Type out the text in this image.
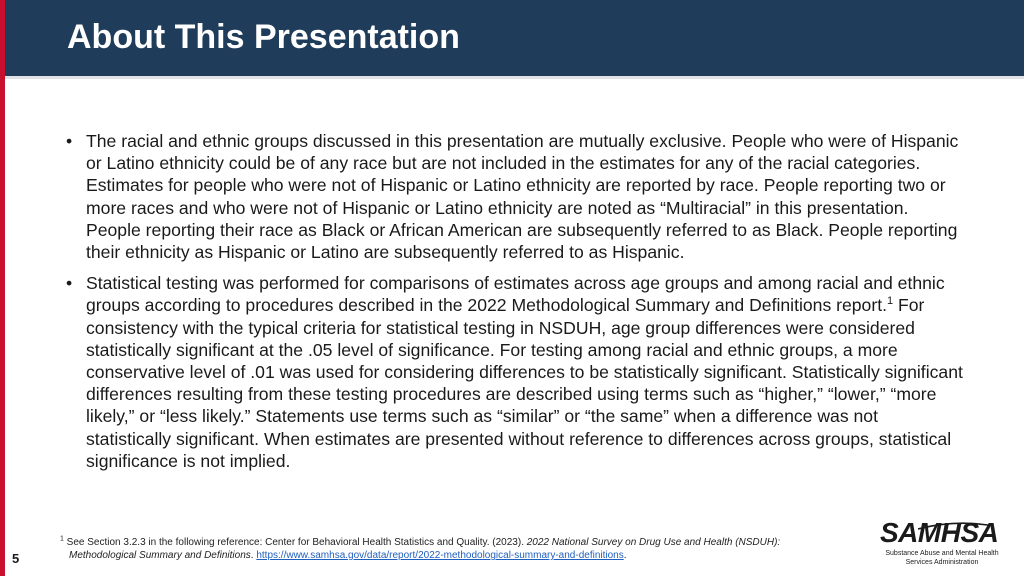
About This Presentation
• The racial and ethnic groups discussed in this presentation are mutually exclusive. People who were of Hispanic or Latino ethnicity could be of any race but are not included in the estimates for any of the racial categories. Estimates for people who were not of Hispanic or Latino ethnicity are reported by race. People reporting two or more races and who were not of Hispanic or Latino ethnicity are noted as “Multiracial” in this presentation. People reporting their race as Black or African American are subsequently referred to as Black. People reporting their ethnicity as Hispanic or Latino are subsequently referred to as Hispanic.
• Statistical testing was performed for comparisons of estimates across age groups and among racial and ethnic groups according to procedures described in the 2022 Methodological Summary and Definitions report.$^1$ For consistency with the typical criteria for statistical testing in NSDUH, age group differences were considered statistically significant at the .05 level of significance. For testing among racial and ethnic groups, a more conservative level of .01 was used for considering differences to be statistically significant. Statistically significant differences resulting from these testing procedures are described using terms such as “higher,” “lower,” “more likely,” or “less likely.” Statements use terms such as “similar” or “the same” when a difference was not statistically significant. When estimates are presented without reference to differences across groups, statistical significance is not implied.
$^1$ See Section 3.2.3 in the following reference: Center for Behavioral Health Statistics and Quality. (2023). 2022 National Survey on Drug Use and Health (NSDUH):
Methodological Summary and Definitions. https://www.samhsa.gov/data/report/2022-methodological-summary-and-definitions.
5
SAMHSA
Substance Abuse and Mental Health
Services Administration
